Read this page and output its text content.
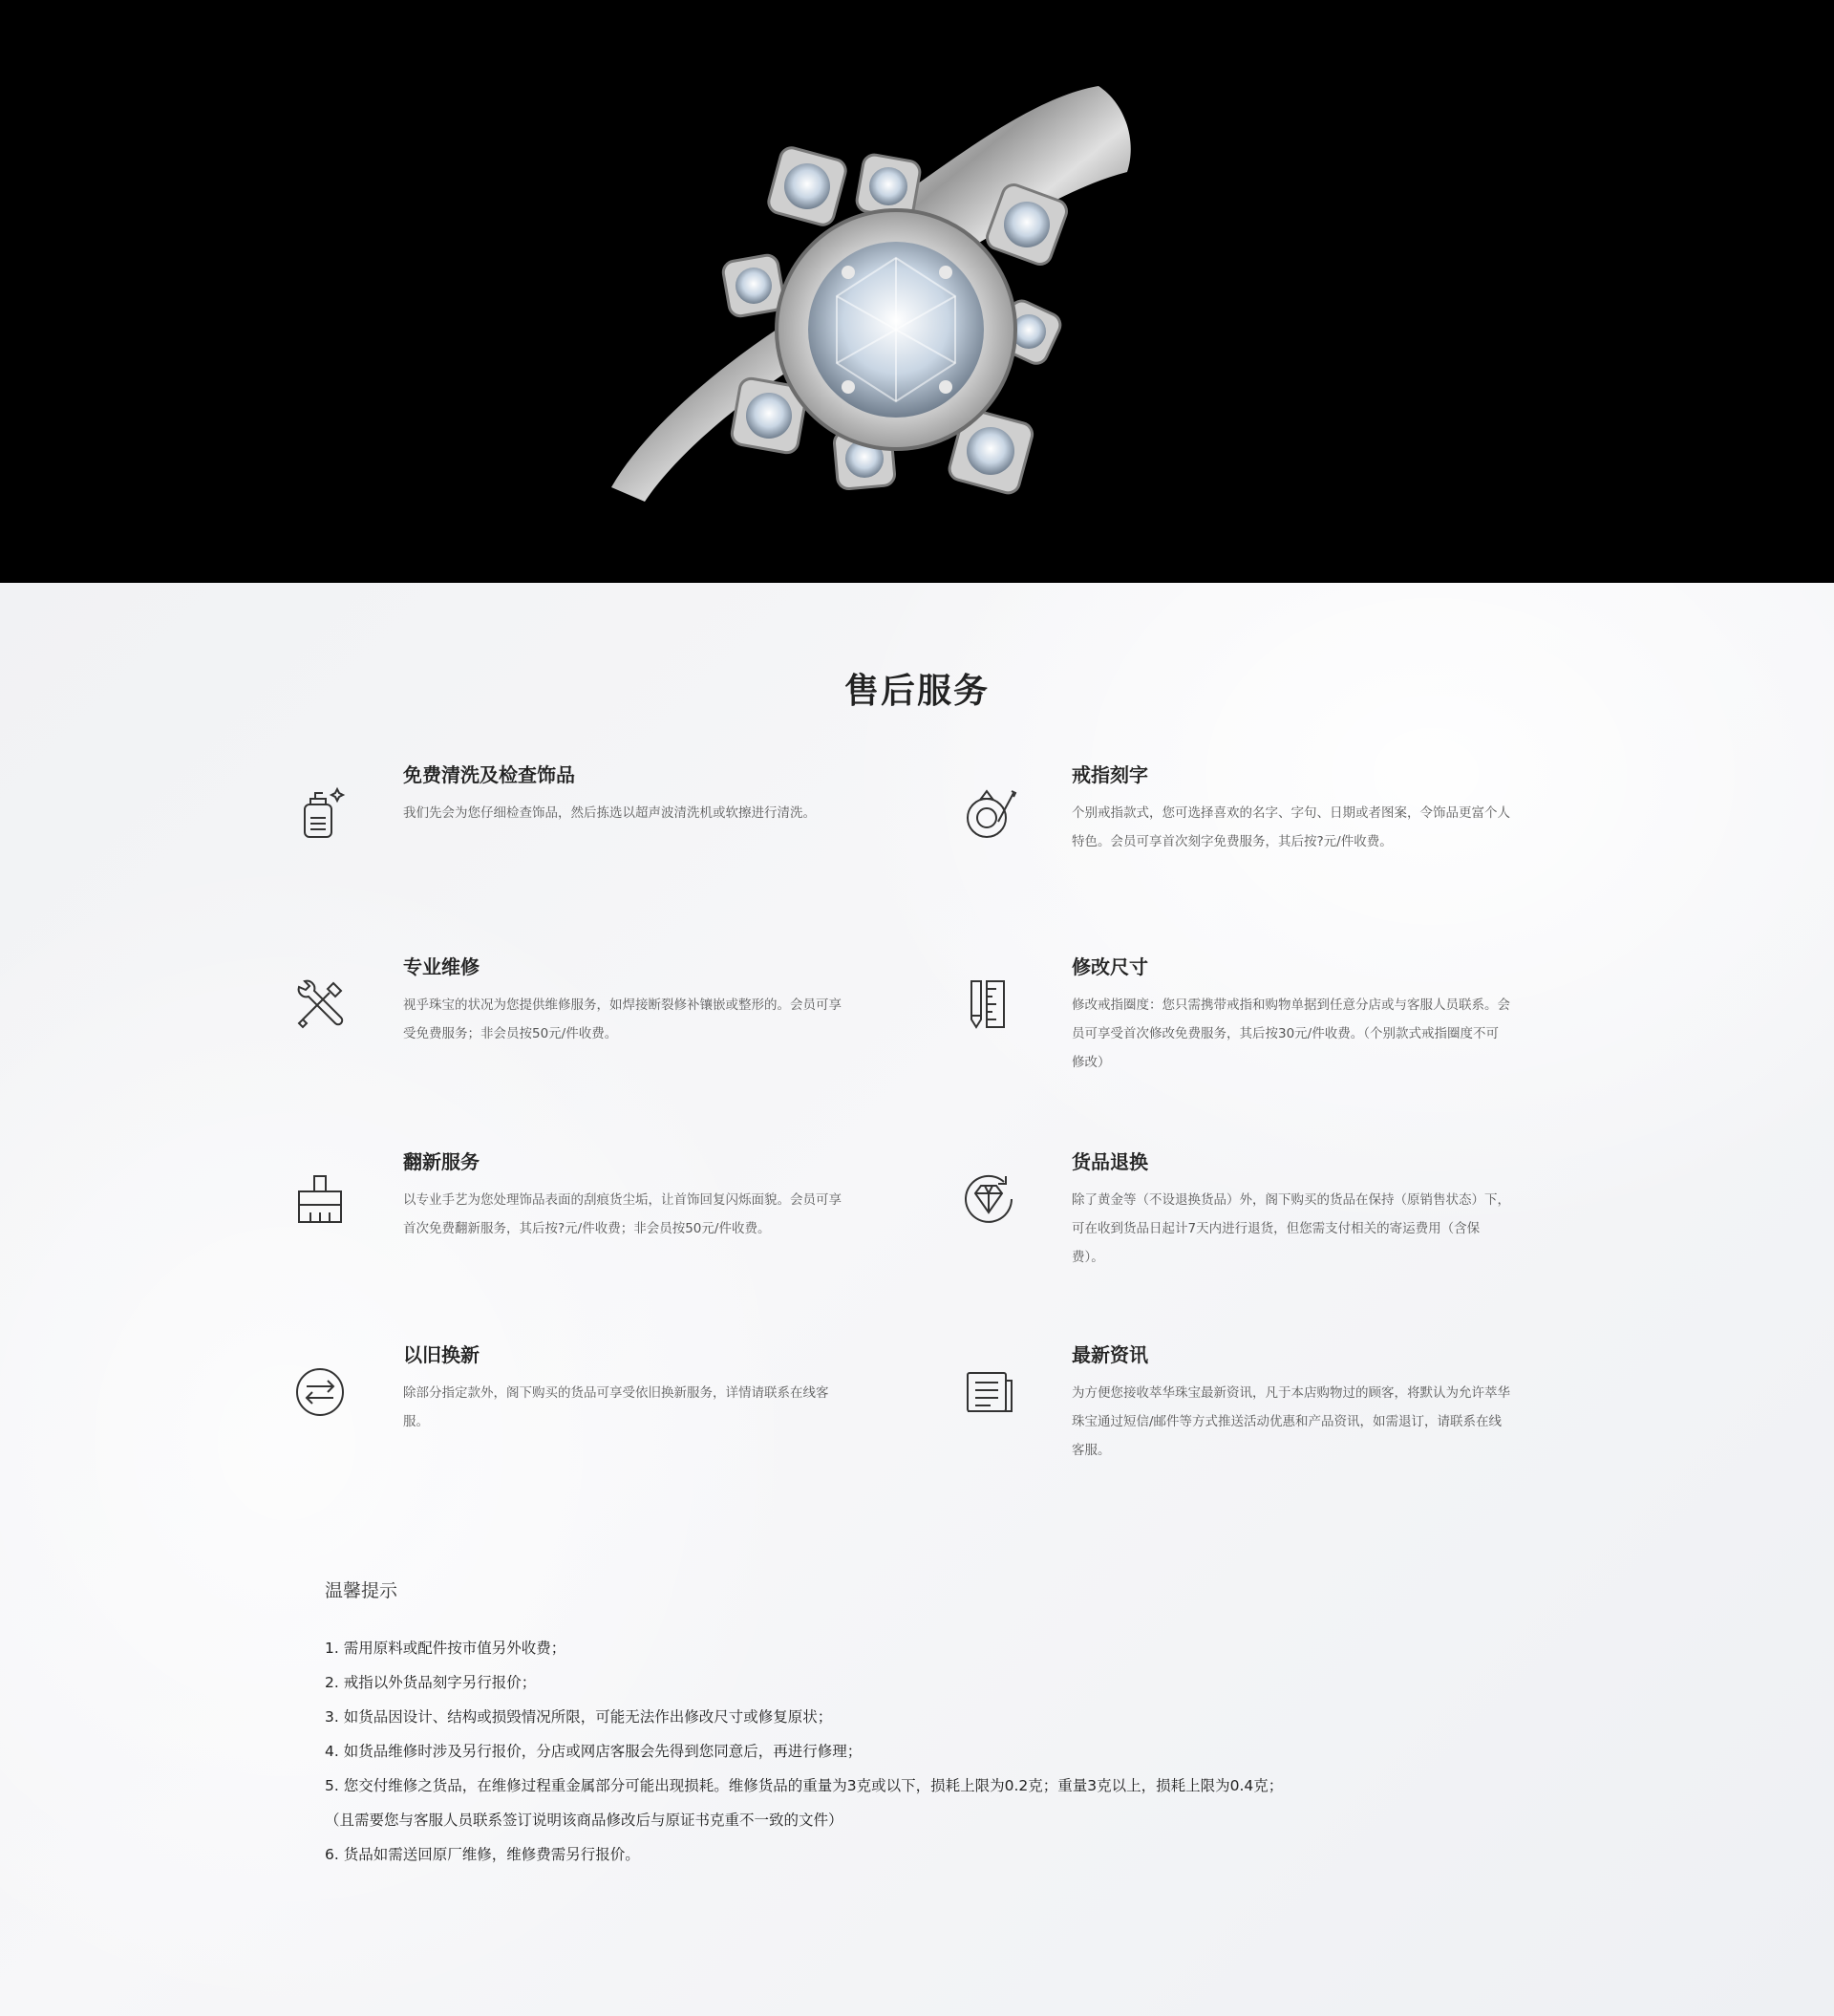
售后服务
免费清洗及检查饰品

我们先会为您仔细检查饰品，然后拣选以超声波清洗机或软擦进行清洗。

戒指刻字

个别戒指款式，您可选择喜欢的名字、字句、日期或者图案，令饰品更富个人特色。会员可享首次刻字免费服务，其后按?元/件收费。

专业维修

视乎珠宝的状况为您提供维修服务，如焊接断裂修补镶嵌或整形的。会员可享受免费服务；非会员按50元/件收费。

修改尺寸

修改戒指圈度：您只需携带戒指和购物单据到任意分店或与客服人员联系。会员可享受首次修改免费服务，其后按30元/件收费。（个别款式戒指圈度不可修改）

翻新服务

以专业手艺为您处理饰品表面的刮痕货尘垢，让首饰回复闪烁面貌。会员可享首次免费翻新服务，其后按?元/件收费；非会员按50元/件收费。

货品退换

除了黄金等（不设退换货品）外，阁下购买的货品在保持（原销售状态）下，可在收到货品日起计7天内进行退货，但您需支付相关的寄运费用（含保费）。

以旧换新

除部分指定款外，阁下购买的货品可享受依旧换新服务，详情请联系在线客服。

最新资讯

为方便您接收萃华珠宝最新资讯，凡于本店购物过的顾客，将默认为允许萃华珠宝通过短信/邮件等方式推送活动优惠和产品资讯，如需退订，请联系在线客服。

温馨提示
1. 需用原料或配件按市值另外收费；
2. 戒指以外货品刻字另行报价；
3. 如货品因设计、结构或损毁情况所限，可能无法作出修改尺寸或修复原状；
4. 如货品维修时涉及另行报价，分店或网店客服会先得到您同意后，再进行修理；
5. 您交付维修之货品，在维修过程重金属部分可能出现损耗。维修货品的重量为3克或以下，损耗上限为0.2克；重量3克以上，损耗上限为0.4克；
（且需要您与客服人员联系签订说明该商品修改后与原证书克重不一致的文件）
6. 货品如需送回原厂维修，维修费需另行报价。
